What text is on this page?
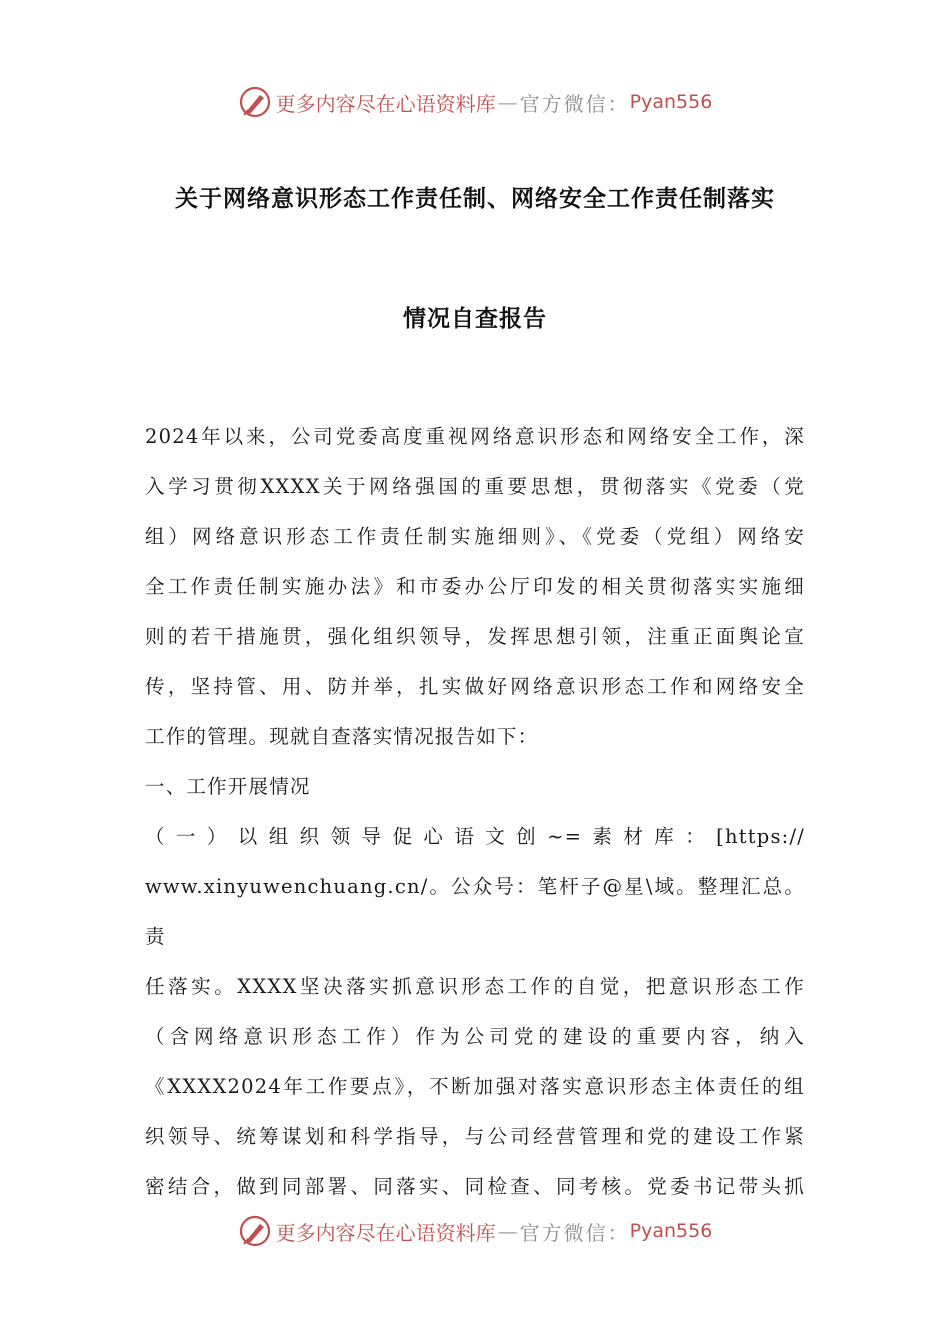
更多内容尽在心语资料库 — 官方微信： Pyan556
关于网络意识形态工作责任制、网络安全工作责任制落实
情况自查报告
2024年以来，公司党委高度重视网络意识形态和网络安全工作，深
入学习贯彻XXXX关于网络强国的重要思想，贯彻落实《党委（党
组）网络意识形态工作责任制实施细则》、《党委（党组）网络安
全工作责任制实施办法》和市委办公厅印发的相关贯彻落实实施细
则的若干措施贯，强化组织领导，发挥思想引领，注重正面舆论宣
传，坚持管、用、防并举，扎实做好网络意识形态工作和网络安全
工作的管理。现就自查落实情况报告如下：
一、工作开展情况
（一）以组织领导促心语文创~=素材库：[https://
www.xinyuwenchuang.cn/。公众号：笔杆子@星\域。整理汇总。责
任落实。XXXX坚决落实抓意识形态工作的自觉，把意识形态工作
（含网络意识形态工作）作为公司党的建设的重要内容，纳入
《XXXX2024年工作要点》，不断加强对落实意识形态主体责任的组
织领导、统筹谋划和科学指导，与公司经营管理和党的建设工作紧
密结合，做到同部署、同落实、同检查、同考核。党委书记带头抓
更多内容尽在心语资料库 — 官方微信： Pyan556
